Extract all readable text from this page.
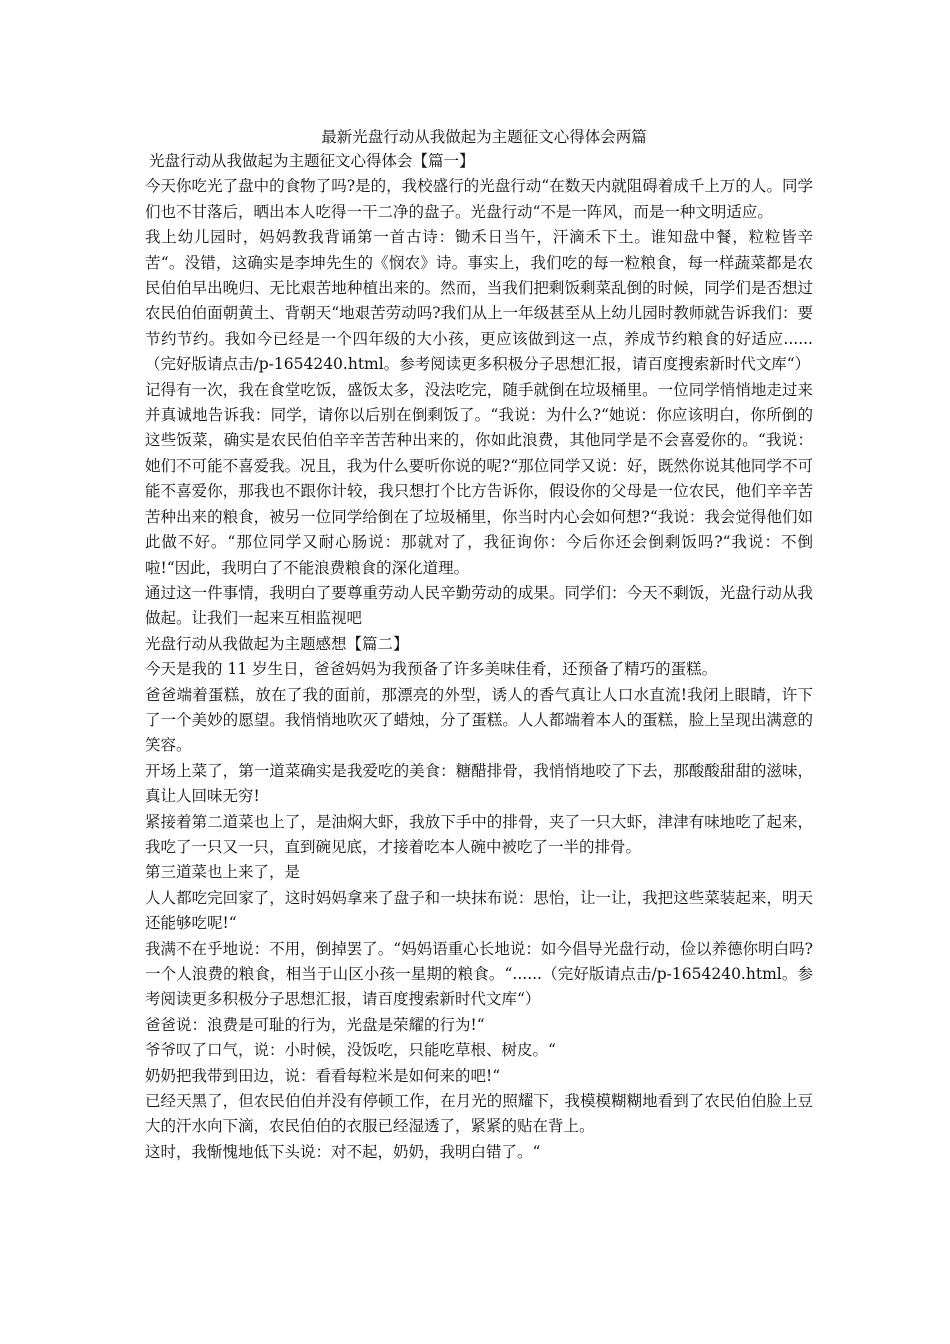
最新光盘行动从我做起为主题征文心得体会两篇

光盘行动从我做起为主题征文心得体会【篇一】

今天你吃光了盘中的食物了吗?是的，我校盛行的光盘行动“在数天内就阻碍着成千上万的人。同学们也不甘落后，晒出本人吃得一干二净的盘子。光盘行动“不是一阵风，而是一种文明适应。

我上幼儿园时，妈妈教我背诵第一首古诗：锄禾日当午，汗滴禾下土。谁知盘中餐，粒粒皆辛苦“。没错，这确实是李坤先生的《悯农》诗。事实上，我们吃的每一粒粮食，每一样蔬菜都是农民伯伯早出晚归、无比艰苦地种植出来的。然而，当我们把剩饭剩菜乱倒的时候，同学们是否想过农民伯伯面朝黄土、背朝天“地艰苦劳动吗?我们从上一年级甚至从上幼儿园时教师就告诉我们：要节约节约。我如今已经是一个四年级的大小孩，更应该做到这一点，养成节约粮食的好适应......（完好版请点击/p-1654240.html。参考阅读更多积极分子思想汇报，请百度搜索新时代文库“）

记得有一次，我在食堂吃饭，盛饭太多，没法吃完，随手就倒在垃圾桶里。一位同学悄悄地走过来并真诚地告诉我：同学，请你以后别在倒剩饭了。“我说：为什么?“她说：你应该明白，你所倒的这些饭菜，确实是农民伯伯辛辛苦苦种出来的，你如此浪费，其他同学是不会喜爱你的。“我说：她们不可能不喜爱我。况且，我为什么要听你说的呢?“那位同学又说：好，既然你说其他同学不可能不喜爱你，那我也不跟你计较，我只想打个比方告诉你，假设你的父母是一位农民，他们辛辛苦苦种出来的粮食，被另一位同学给倒在了垃圾桶里，你当时内心会如何想?“我说：我会觉得他们如此做不好。“那位同学又耐心肠说：那就对了，我征询你：今后你还会倒剩饭吗?“我说：不倒啦!“因此，我明白了不能浪费粮食的深化道理。

通过这一件事情，我明白了要尊重劳动人民辛勤劳动的成果。同学们：今天不剩饭，光盘行动从我做起。让我们一起来互相监视吧

光盘行动从我做起为主题感想【篇二】

今天是我的 11 岁生日，爸爸妈妈为我预备了许多美味佳肴，还预备了精巧的蛋糕。

爸爸端着蛋糕，放在了我的面前，那漂亮的外型，诱人的香气真让人口水直流!我闭上眼睛，许下了一个美妙的愿望。我悄悄地吹灭了蜡烛，分了蛋糕。人人都端着本人的蛋糕，脸上呈现出满意的笑容。

开场上菜了，第一道菜确实是我爱吃的美食：糖醋排骨，我悄悄地咬了下去，那酸酸甜甜的滋味，真让人回味无穷!

紧接着第二道菜也上了，是油焖大虾，我放下手中的排骨，夹了一只大虾，津津有味地吃了起来，我吃了一只又一只，直到碗见底，才接着吃本人碗中被吃了一半的排骨。

第三道菜也上来了，是

人人都吃完回家了，这时妈妈拿来了盘子和一块抹布说：思怡，让一让，我把这些菜装起来，明天还能够吃呢!“

我满不在乎地说：不用，倒掉罢了。“妈妈语重心长地说：如今倡导光盘行动，俭以养德你明白吗?一个人浪费的粮食，相当于山区小孩一星期的粮食。“......（完好版请点击/p-1654240.html。参考阅读更多积极分子思想汇报，请百度搜索新时代文库“）

爸爸说：浪费是可耻的行为，光盘是荣耀的行为!“

爷爷叹了口气，说：小时候，没饭吃，只能吃草根、树皮。“

奶奶把我带到田边，说：看看每粒米是如何来的吧!“

已经天黑了，但农民伯伯并没有停顿工作，在月光的照耀下，我模模糊糊地看到了农民伯伯脸上豆大的汗水向下滴，农民伯伯的衣服已经湿透了，紧紧的贴在背上。

这时，我惭愧地低下头说：对不起，奶奶，我明白错了。“
